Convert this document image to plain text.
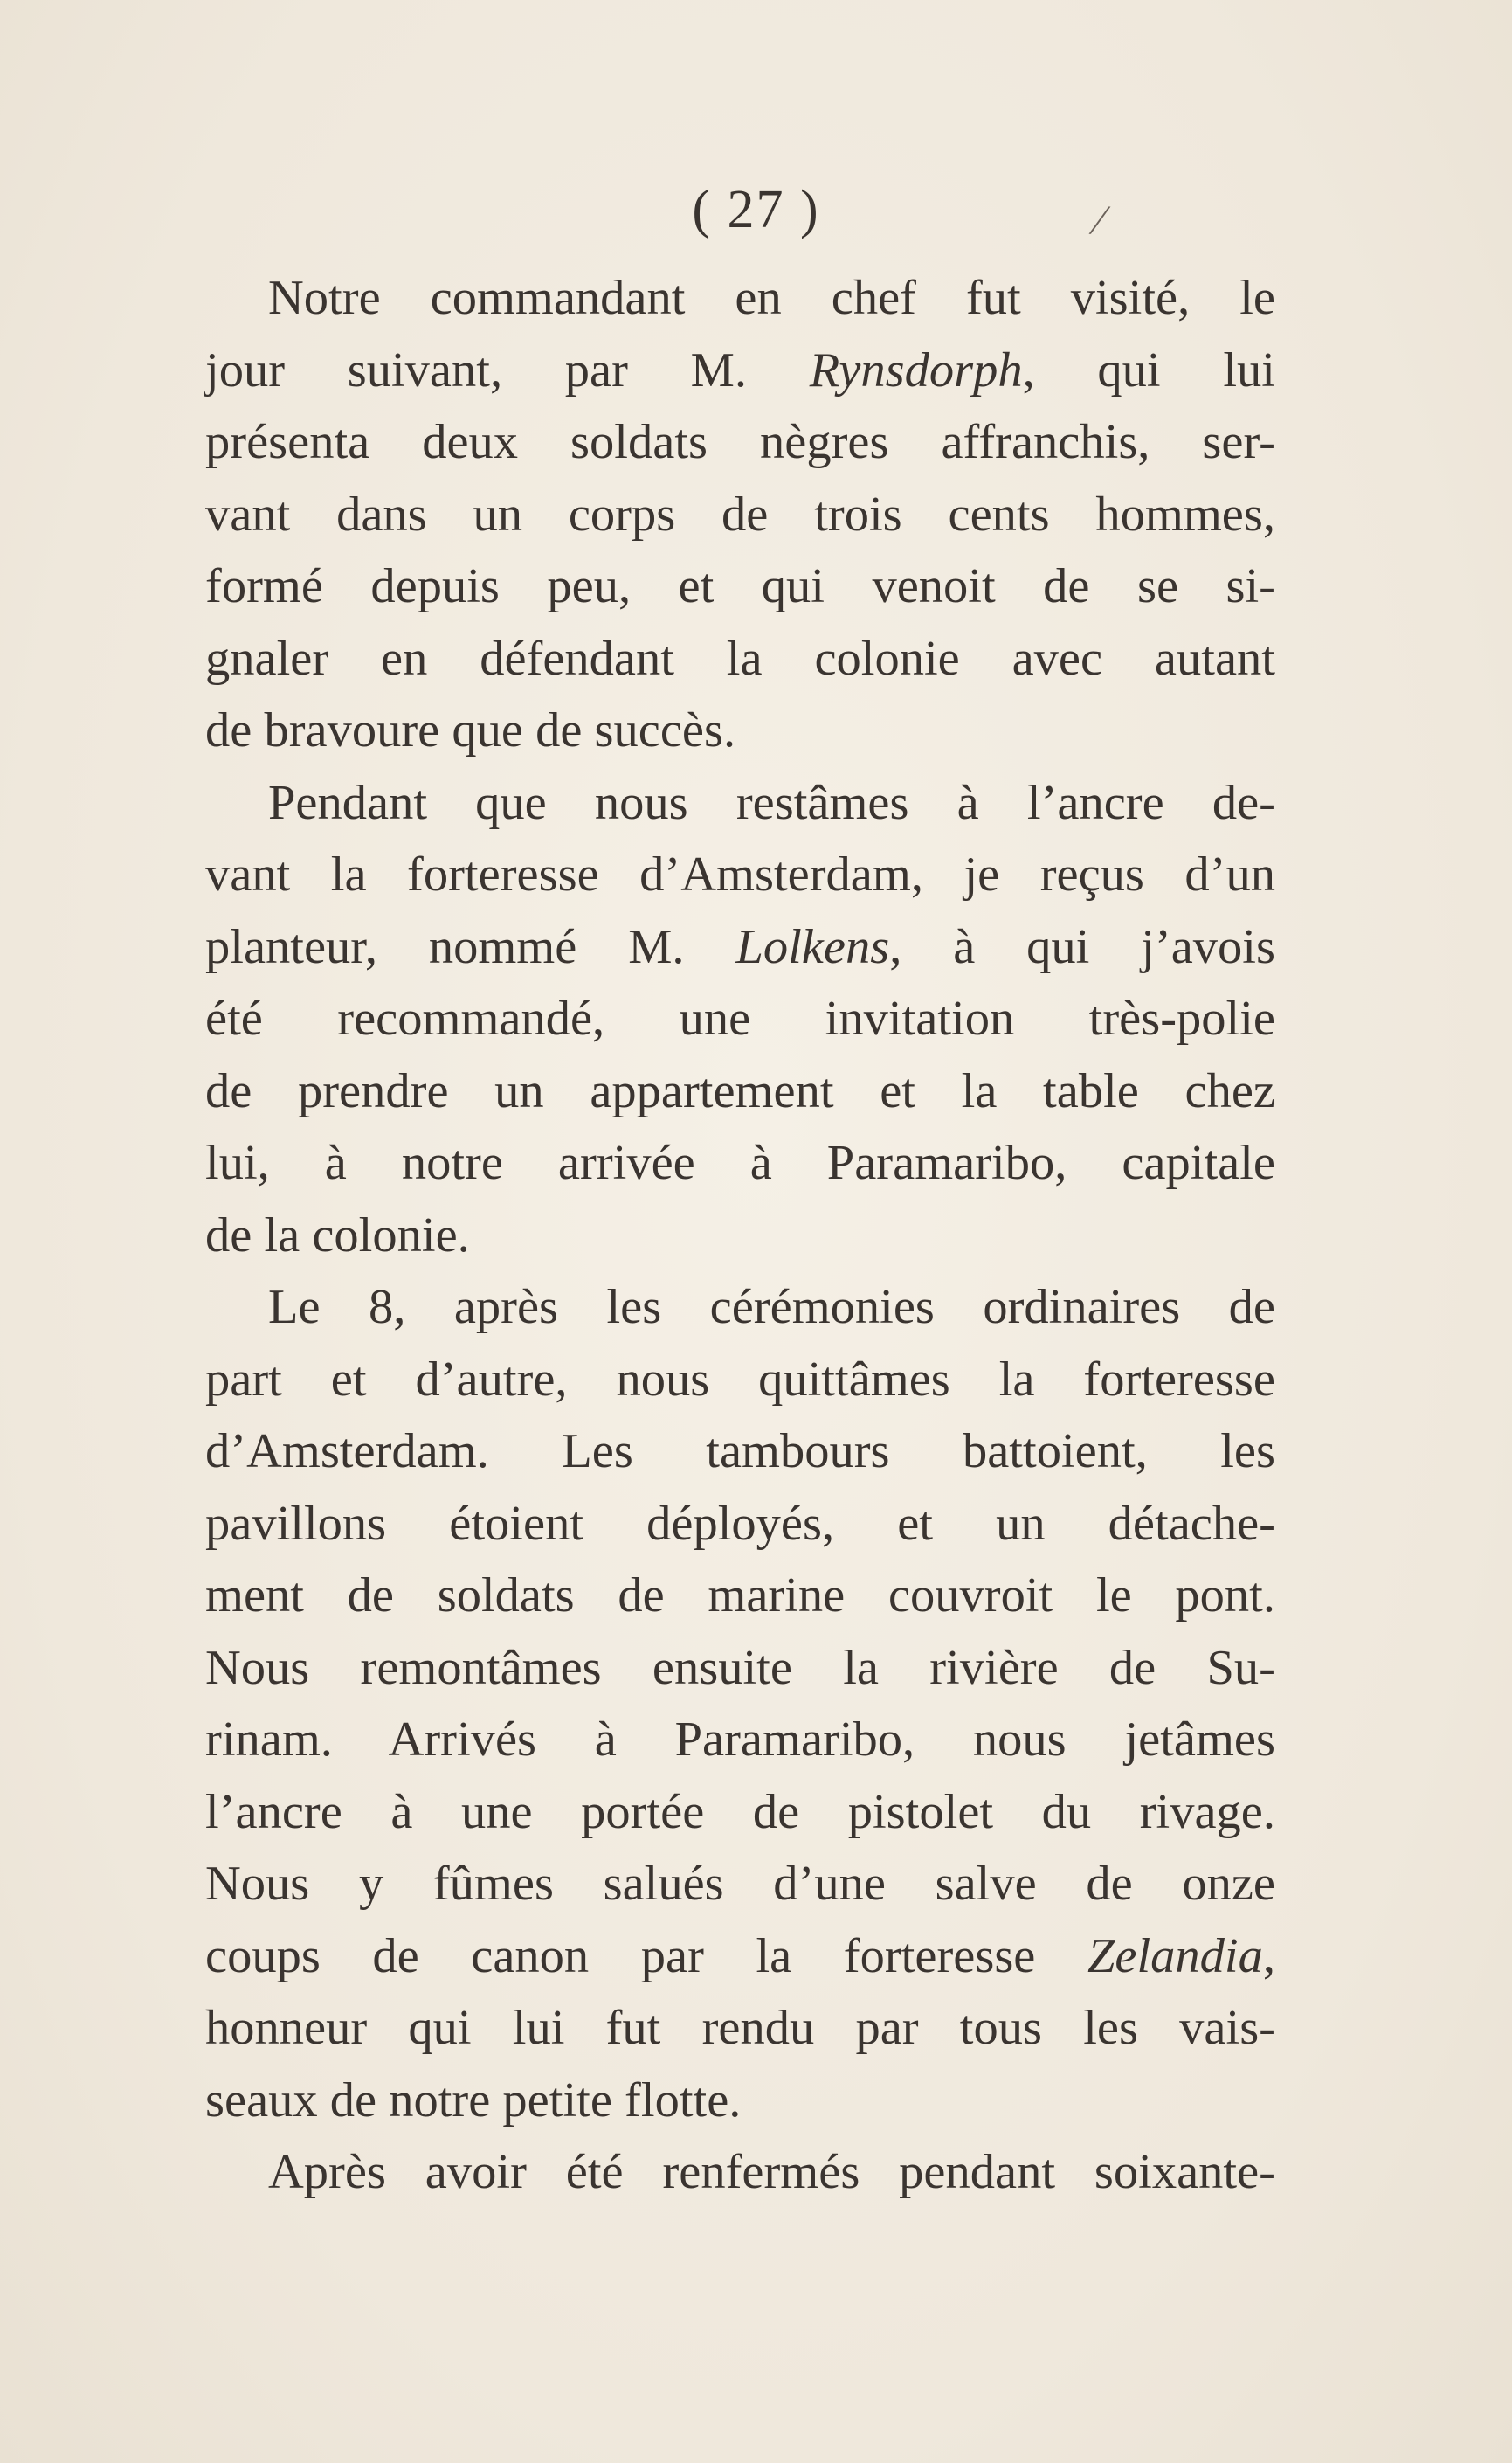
( 27 )	⁄
Notre commandant en chef fut visité, le
jour suivant, par M. Rynsdorph, qui lui
présenta deux soldats nègres affranchis, ser-
vant dans un corps de trois cents hommes,
formé depuis peu, et qui venoit de se si-
gnaler en défendant la colonie avec autant
de bravoure que de succès.
Pendant que nous restâmes à l’ancre de-
vant la forteresse d’Amsterdam, je reçus d’un
planteur, nommé M. Lolkens, à qui j’avois
été recommandé, une invitation très-polie
de prendre un appartement et la table chez
lui, à notre arrivée à Paramaribo, capitale
de la colonie.
Le 8, après les cérémonies ordinaires de
part et d’autre, nous quittâmes la forteresse
d’Amsterdam. Les tambours battoient, les
pavillons étoient déployés, et un détache-
ment de soldats de marine couvroit le pont.
Nous remontâmes ensuite la rivière de Su-
rinam. Arrivés à Paramaribo, nous jetâmes
l’ancre à une portée de pistolet du rivage.
Nous y fûmes salués d’une salve de onze
coups de canon par la forteresse Zelandia,
honneur qui lui fut rendu par tous les vais-
seaux de notre petite flotte.
Après avoir été renfermés pendant soixante-
